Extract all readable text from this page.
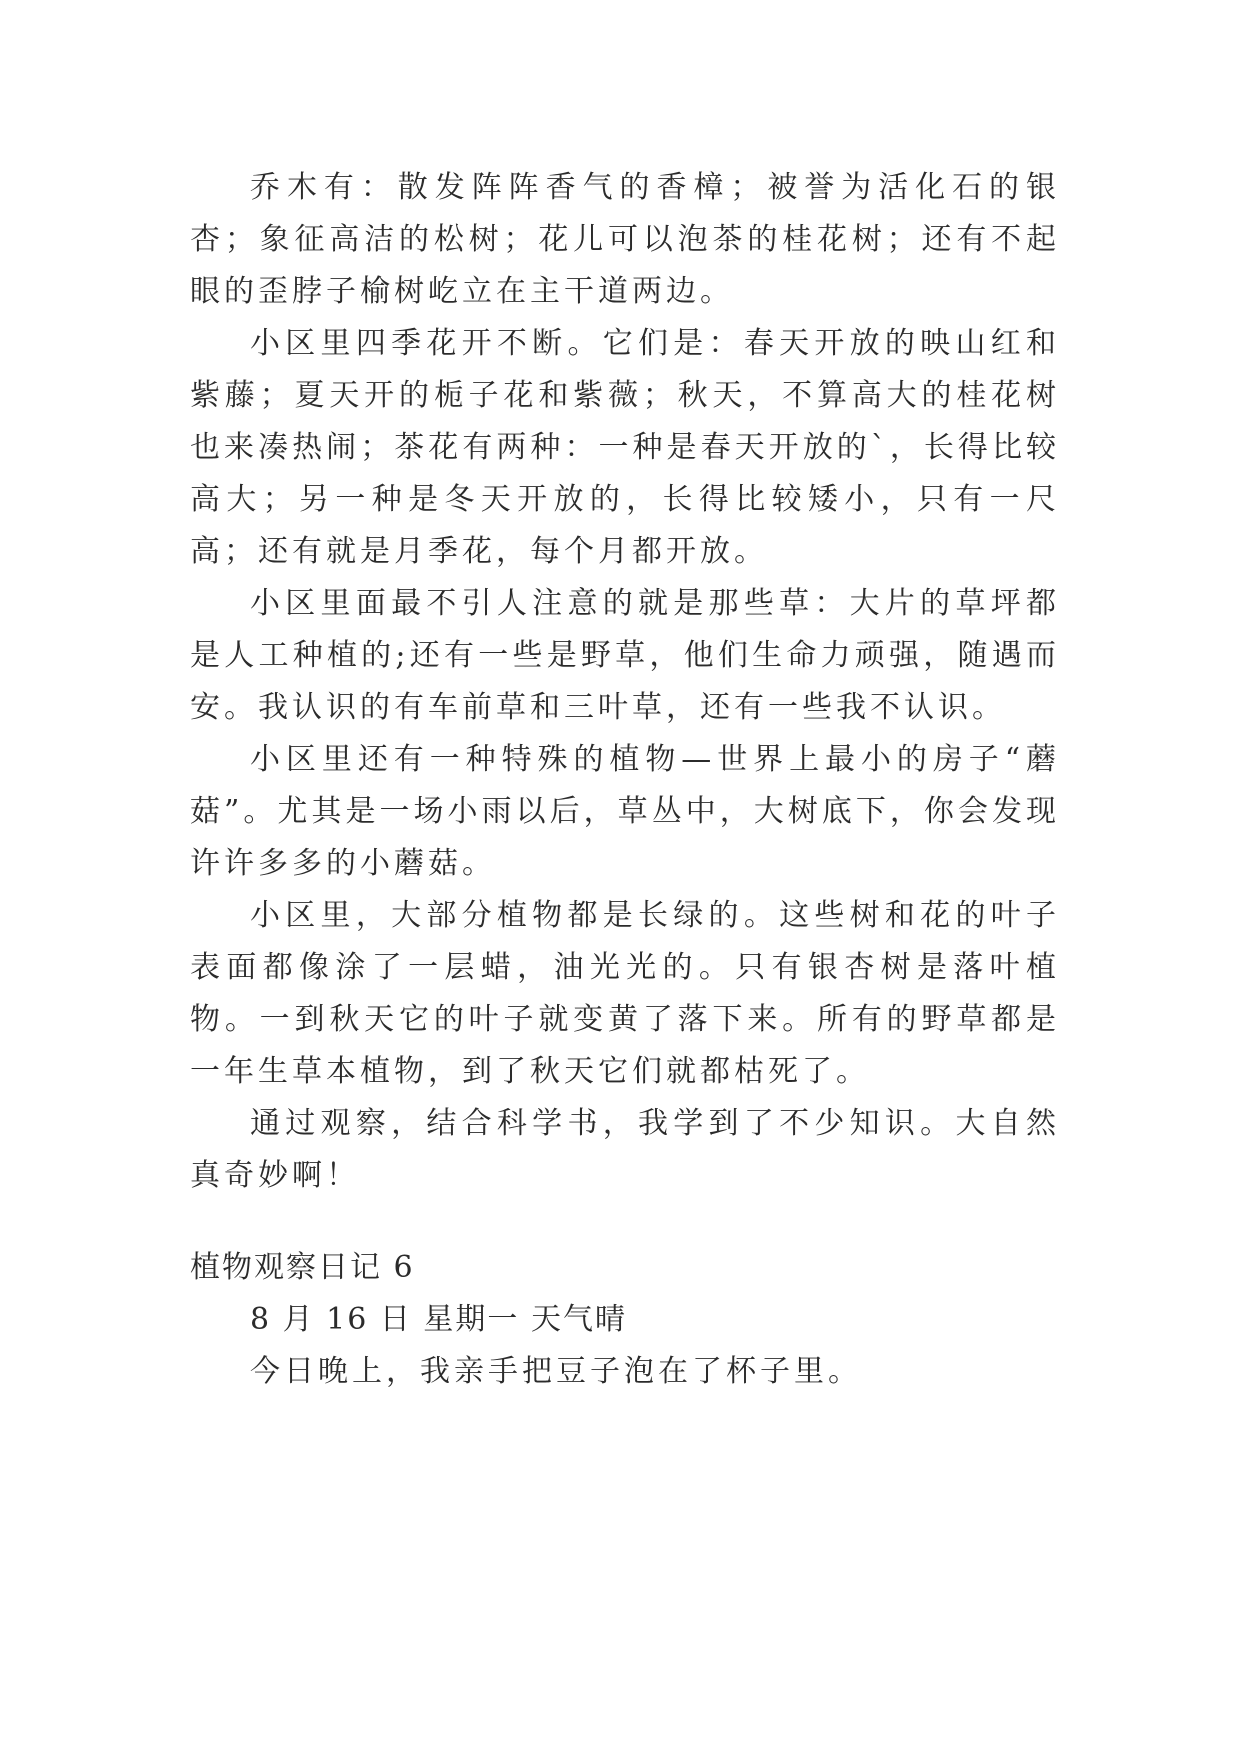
乔木有：散发阵阵香气的香樟；被誉为活化石的银杏；象征高洁的松树；花儿可以泡茶的桂花树；还有不起眼的歪脖子榆树屹立在主干道两边。

小区里四季花开不断。它们是：春天开放的映山红和紫藤；夏天开的栀子花和紫薇；秋天，不算高大的桂花树也来凑热闹；茶花有两种：一种是春天开放的`，长得比较高大；另一种是冬天开放的，长得比较矮小，只有一尺高；还有就是月季花，每个月都开放。

小区里面最不引人注意的就是那些草：大片的草坪都是人工种植的;还有一些是野草，他们生命力顽强，随遇而安。我认识的有车前草和三叶草，还有一些我不认识。

小区里还有一种特殊的植物—世界上最小的房子“蘑菇”。尤其是一场小雨以后，草丛中，大树底下，你会发现许许多多的小蘑菇。

小区里，大部分植物都是长绿的。这些树和花的叶子表面都像涂了一层蜡，油光光的。只有银杏树是落叶植物。一到秋天它的叶子就变黄了落下来。所有的野草都是一年生草本植物，到了秋天它们就都枯死了。

通过观察，结合科学书，我学到了不少知识。大自然真奇妙啊！

植物观察日记 6

8 月 16 日 星期一 天气晴

今日晚上，我亲手把豆子泡在了杯子里。
